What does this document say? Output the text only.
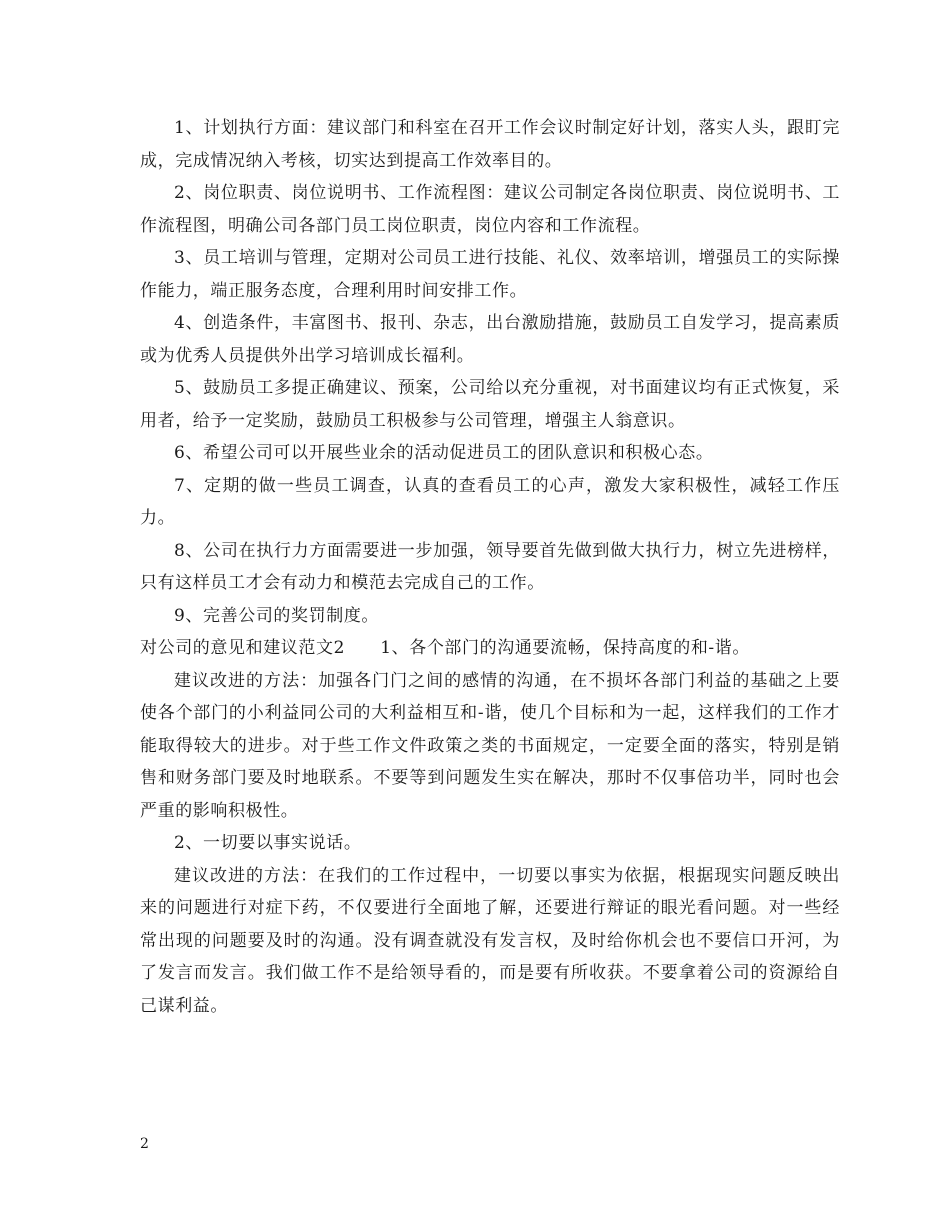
1、计划执行方面：建议部门和科室在召开工作会议时制定好计划，落实人头，跟盯完成，完成情况纳入考核，切实达到提高工作效率目的。

2、岗位职责、岗位说明书、工作流程图：建议公司制定各岗位职责、岗位说明书、工作流程图，明确公司各部门员工岗位职责，岗位内容和工作流程。

3、员工培训与管理，定期对公司员工进行技能、礼仪、效率培训，增强员工的实际操作能力，端正服务态度，合理利用时间安排工作。

4、创造条件，丰富图书、报刊、杂志，出台激励措施，鼓励员工自发学习，提高素质或为优秀人员提供外出学习培训成长福利。

5、鼓励员工多提正确建议、预案，公司给以充分重视，对书面建议均有正式恢复，采用者，给予一定奖励，鼓励员工积极参与公司管理，增强主人翁意识。

6、希望公司可以开展些业余的活动促进员工的团队意识和积极心态。

7、定期的做一些员工调查，认真的查看员工的心声，激发大家积极性，减轻工作压力。

8、公司在执行力方面需要进一步加强，领导要首先做到做大执行力，树立先进榜样，只有这样员工才会有动力和模范去完成自己的工作。

9、完善公司的奖罚制度。

对公司的意见和建议范文2　　1、各个部门的沟通要流畅，保持高度的和-谐。

建议改进的方法：加强各门门之间的感情的沟通，在不损坏各部门利益的基础之上要使各个部门的小利益同公司的大利益相互和-谐，使几个目标和为一起，这样我们的工作才能取得较大的进步。对于些工作文件政策之类的书面规定，一定要全面的落实，特别是销售和财务部门要及时地联系。不要等到问题发生实在解决，那时不仅事倍功半，同时也会严重的影响积极性。

2、一切要以事实说话。

建议改进的方法：在我们的工作过程中，一切要以事实为依据，根据现实问题反映出来的问题进行对症下药，不仅要进行全面地了解，还要进行辩证的眼光看问题。对一些经常出现的问题要及时的沟通。没有调查就没有发言权，及时给你机会也不要信口开河，为了发言而发言。我们做工作不是给领导看的，而是要有所收获。不要拿着公司的资源给自己谋利益。

2
